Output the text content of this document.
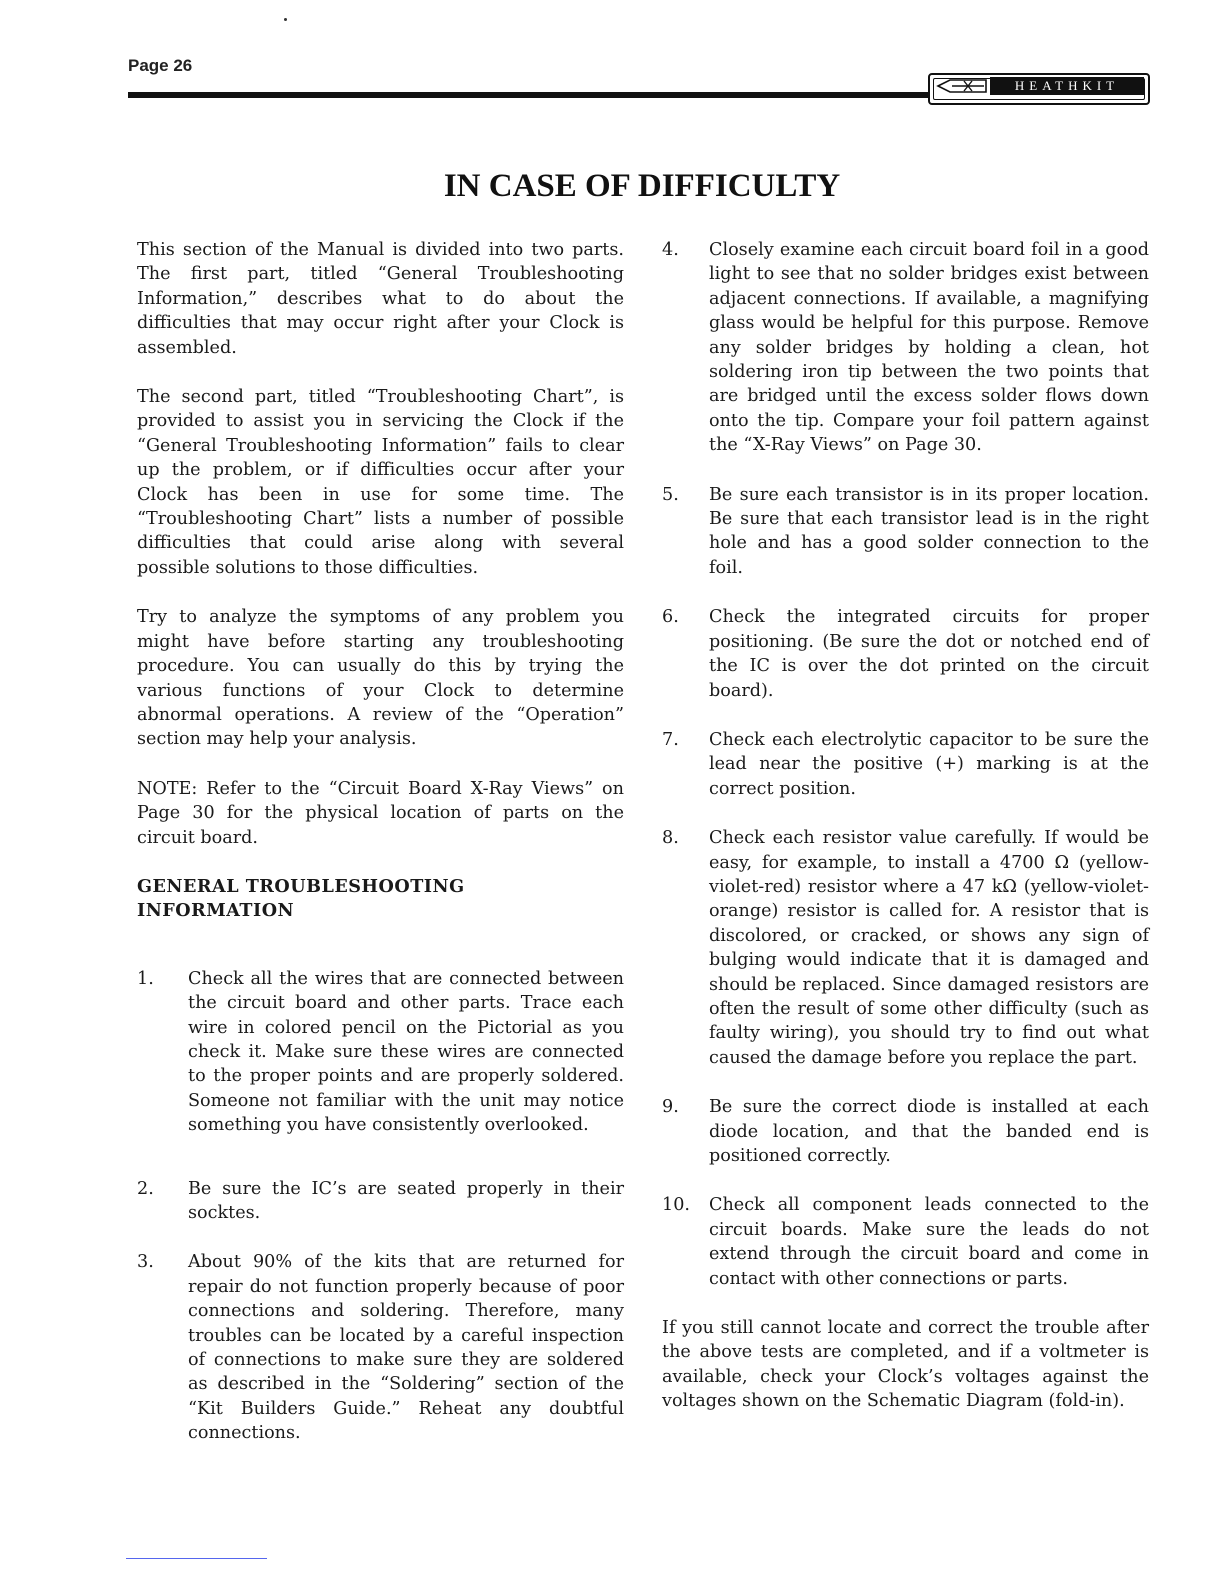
Page 26
HEATHKIT
IN CASE OF DIFFICULTY

This section of the Manual is divided into two parts. The first part, titled “General Troubleshooting Information,” describes what to do about the difficulties that may occur right after your Clock is assembled.

The second part, titled “Troubleshooting Chart”, is provided to assist you in servicing the Clock if the “General Troubleshooting Information” fails to clear up the problem, or if difficulties occur after your Clock has been in use for some time. The “Troubleshooting Chart” lists a number of possible difficulties that could arise along with several possible solutions to those difficulties.

Try to analyze the symptoms of any problem you might have before starting any troubleshooting procedure. You can usually do this by trying the various functions of your Clock to determine abnormal operations. A review of the “Operation” section may help your analysis.

NOTE: Refer to the “Circuit Board X-Ray Views” on Page 30 for the physical location of parts on the circuit board.

GENERAL TROUBLESHOOTING INFORMATION

1.	Check all the wires that are connected between the circuit board and other parts. Trace each wire in colored pencil on the Pictorial as you check it. Make sure these wires are connected to the proper points and are properly soldered. Someone not familiar with the unit may notice something you have consistently overlooked.
2.	Be sure the IC’s are seated properly in their socktes.
3.	About 90% of the kits that are returned for repair do not function properly because of poor connections and soldering. Therefore, many troubles can be located by a careful inspection of connections to make sure they are soldered as described in the “Soldering” section of the “Kit Builders Guide.” Reheat any doubtful connections.
4.	Closely examine each circuit board foil in a good light to see that no solder bridges exist between adjacent connections. If available, a magnifying glass would be helpful for this purpose. Remove any solder bridges by holding a clean, hot soldering iron tip between the two points that are bridged until the excess solder flows down onto the tip. Compare your foil pattern against the “X-Ray Views” on Page 30.
5.	Be sure each transistor is in its proper location. Be sure that each transistor lead is in the right hole and has a good solder connection to the foil.
6.	Check the integrated circuits for proper positioning. (Be sure the dot or notched end of the IC is over the dot printed on the circuit board).
7.	Check each electrolytic capacitor to be sure the lead near the positive (+) marking is at the correct position.
8.	Check each resistor value carefully. If would be easy, for example, to install a 4700 Ω (yellow-violet-red) resistor where a 47 kΩ (yellow-violet-orange) resistor is called for. A resistor that is discolored, or cracked, or shows any sign of bulging would indicate that it is damaged and should be replaced. Since damaged resistors are often the result of some other difficulty (such as faulty wiring), you should try to find out what caused the damage before you replace the part.
9.	Be sure the correct diode is installed at each diode location, and that the banded end is positioned correctly.
10.	Check all component leads connected to the circuit boards. Make sure the leads do not extend through the circuit board and come in contact with other connections or parts.

If you still cannot locate and correct the trouble after the above tests are completed, and if a voltmeter is available, check your Clock’s voltages against the voltages shown on the Schematic Diagram (fold-in).
